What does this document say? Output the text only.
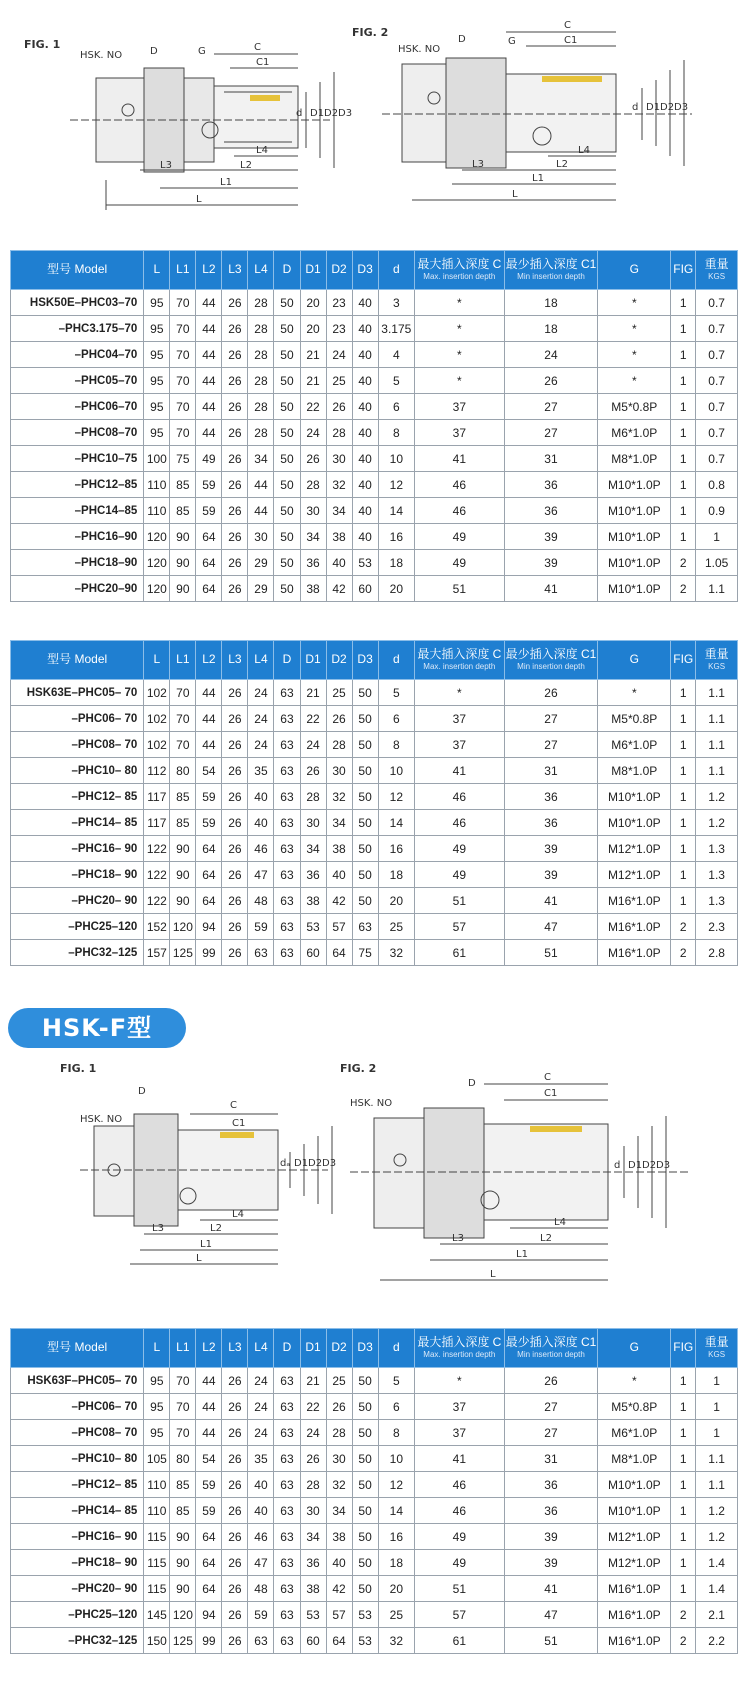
FIG. 1
HSK. NO	D	G	C
C1
d D1 D2 D3
L4
L3	L2
L1
L
FIG. 2
HSK. NO
D	G
C
C1
d D1 D2 D3
L4
L3	L2
L1
L
型号 Model	L	L1	L2	L3	L4	D	D1	D2	D3	d	最大插入深度 C
Max. insertion depth	最少插入深度 C1
Min insertion depth	G	FIG	重量
KGS

HSK50E–PHC03–70	95	70	44	26	28	50	20	23	40	3	*	18	*	1	0.7
–PHC3.175–70	95	70	44	26	28	50	20	23	40	3.175	*	18	*	1	0.7
–PHC04–70	95	70	44	26	28	50	21	24	40	4	*	24	*	1	0.7
–PHC05–70	95	70	44	26	28	50	21	25	40	5	*	26	*	1	0.7
–PHC06–70	95	70	44	26	28	50	22	26	40	6	37	27	M5*0.8P	1	0.7
–PHC08–70	95	70	44	26	28	50	24	28	40	8	37	27	M6*1.0P	1	0.7
–PHC10–75	100	75	49	26	34	50	26	30	40	10	41	31	M8*1.0P	1	0.7
–PHC12–85	110	85	59	26	44	50	28	32	40	12	46	36	M10*1.0P	1	0.8
–PHC14–85	110	85	59	26	44	50	30	34	40	14	46	36	M10*1.0P	1	0.9
–PHC16–90	120	90	64	26	30	50	34	38	40	16	49	39	M10*1.0P	1	1
–PHC18–90	120	90	64	26	29	50	36	40	53	18	49	39	M10*1.0P	2	1.05
–PHC20–90	120	90	64	26	29	50	38	42	60	20	51	41	M10*1.0P	2	1.1
型号 Model	L	L1	L2	L3	L4	D	D1	D2	D3	d	最大插入深度 C
Max. insertion depth	最少插入深度 C1
Min insertion depth	G	FIG	重量
KGS

HSK63E–PHC05– 70	102	70	44	26	24	63	21	25	50	5	*	26	*	1	1.1
–PHC06– 70	102	70	44	26	24	63	22	26	50	6	37	27	M5*0.8P	1	1.1
–PHC08– 70	102	70	44	26	24	63	24	28	50	8	37	27	M6*1.0P	1	1.1
–PHC10– 80	112	80	54	26	35	63	26	30	50	10	41	31	M8*1.0P	1	1.1
–PHC12– 85	117	85	59	26	40	63	28	32	50	12	46	36	M10*1.0P	1	1.2
–PHC14– 85	117	85	59	26	40	63	30	34	50	14	46	36	M10*1.0P	1	1.2
–PHC16– 90	122	90	64	26	46	63	34	38	50	16	49	39	M12*1.0P	1	1.3
–PHC18– 90	122	90	64	26	47	63	36	40	50	18	49	39	M12*1.0P	1	1.3
–PHC20– 90	122	90	64	26	48	63	38	42	50	20	51	41	M16*1.0P	1	1.3
–PHC25–120	152	120	94	26	59	63	53	57	63	25	57	47	M16*1.0P	2	2.3
–PHC32–125	157	125	99	26	63	63	60	64	75	32	61	51	M16*1.0P	2	2.8
HSK-F型
FIG. 1
HSK. NO
D
C
C1
dₐ D1 D2 D3
L4
L3	L2
L1
L
FIG. 2
HSK. NO
D
C
C1
d D1 D2 D3
L4
L3	L2
L1
L
型号 Model	L	L1	L2	L3	L4	D	D1	D2	D3	d	最大插入深度 C
Max. insertion depth	最少插入深度 C1
Min insertion depth	G	FIG	重量
KGS

HSK63F–PHC05– 70	95	70	44	26	24	63	21	25	50	5	*	26	*	1	1
–PHC06– 70	95	70	44	26	24	63	22	26	50	6	37	27	M5*0.8P	1	1
–PHC08– 70	95	70	44	26	24	63	24	28	50	8	37	27	M6*1.0P	1	1
–PHC10– 80	105	80	54	26	35	63	26	30	50	10	41	31	M8*1.0P	1	1.1
–PHC12– 85	110	85	59	26	40	63	28	32	50	12	46	36	M10*1.0P	1	1.1
–PHC14– 85	110	85	59	26	40	63	30	34	50	14	46	36	M10*1.0P	1	1.2
–PHC16– 90	115	90	64	26	46	63	34	38	50	16	49	39	M12*1.0P	1	1.2
–PHC18– 90	115	90	64	26	47	63	36	40	50	18	49	39	M12*1.0P	1	1.4
–PHC20– 90	115	90	64	26	48	63	38	42	50	20	51	41	M16*1.0P	1	1.4
–PHC25–120	145	120	94	26	59	63	53	57	53	25	57	47	M16*1.0P	2	2.1
–PHC32–125	150	125	99	26	63	63	60	64	53	32	61	51	M16*1.0P	2	2.2
